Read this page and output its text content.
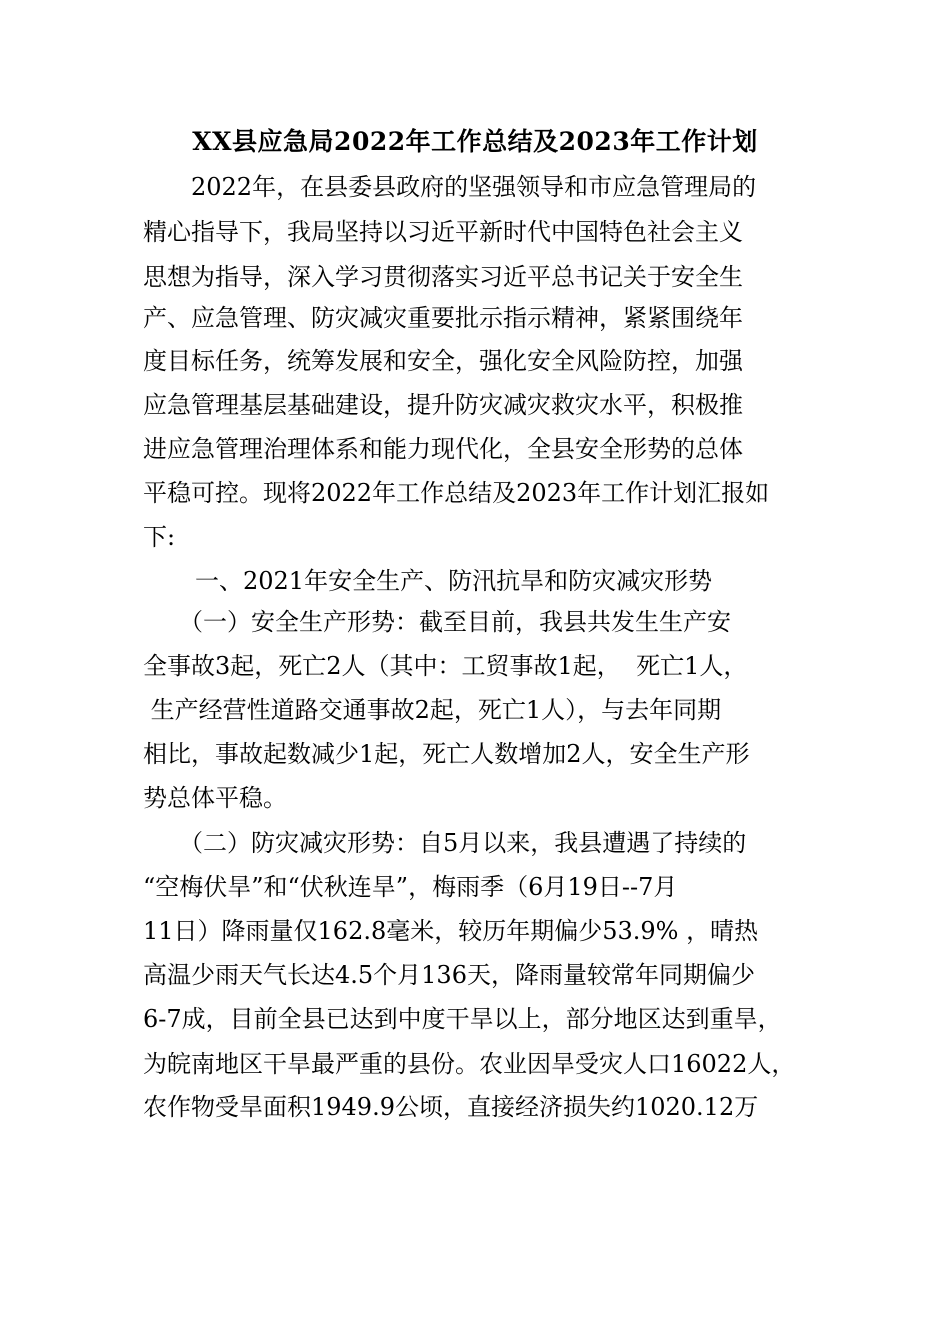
XX县应急局2022年工作总结及2023年工作计划
　　2022年，在县委县政府的坚强领导和市应急管理局的
精心指导下，我局坚持以习近平新时代中国特色社会主义
思想为指导，深入学习贯彻落实习近平总书记关于安全生
产、应急管理、防灾减灾重要批示指示精神，紧紧围绕年
度目标任务，统筹发展和安全，强化安全风险防控，加强
应急管理基层基础建设，提升防灾减灾救灾水平，积极推
进应急管理治理体系和能力现代化，全县安全形势的总体
平稳可控。现将2022年工作总结及2023年工作计划汇报如
下:
一、2021年安全生产、防汛抗旱和防灾减灾形势
　　（一）安全生产形势：截至目前，我县共发生生产安
全事故3起，死亡2人（其中：工贸事故1起，  死亡1人，
生产经营性道路交通事故2起，死亡1人），与去年同期
相比，事故起数减少1起，死亡人数增加2人，安全生产形
势总体平稳。
　　（二）防灾减灾形势：自5月以来，我县遭遇了持续的
“空梅伏旱”和“伏秋连旱”，梅雨季（6月19日--7月
11日）降雨量仅162.8毫米，较历年期偏少53.9% ，晴热
高温少雨天气长达4.5个月136天，降雨量较常年同期偏少
6-7成，目前全县已达到中度干旱以上，部分地区达到重旱，
为皖南地区干旱最严重的县份。农业因旱受灾人口16022人，
农作物受旱面积1949.9公顷，直接经济损失约1020.12万
